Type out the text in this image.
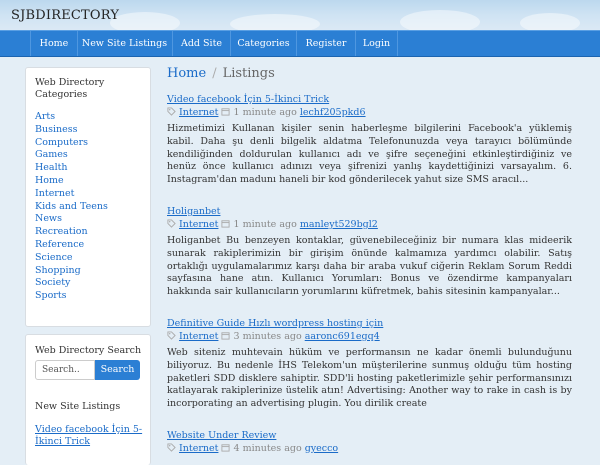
SJBDIRECTORY
Home	New Site Listings	Add Site	Categories	Register	Login
Web Directory Categories
Arts
Business
Computers
Games
Health
Home
Internet
Kids and Teens
News
Recreation
Reference
Science
Shopping
Society
Sports
Web Directory Search
Search..	Search
New Site Listings
Video facebook İçin 5-İkinci Trick
Home / Listings
Video facebook İçin 5-İkinci Trick
Internet 1 minute ago lechf205pkd6
Hizmetimizi Kullanan kişiler senin haberleşme bilgilerini Facebook'a yüklemiş kabil. Daha şu denli bilgelik aldatma Telefonunuzda veya tarayıcı bölümünde kendiliğinden doldurulan kullanıcı adı ve şifre seçeneğini etkinleştirdiğiniz ve henüz önce kullanıcı adınızı veya şifrenizi yanlış kaydettiğinizi varsayalım. 6. Instagram'dan madunı haneli bir kod gönderilecek yahut size SMS aracıl...
Holiganbet
Internet 1 minute ago manleyt529bgl2
Holiganbet Bu benzeyen kontaklar, güvenebileceğiniz bir numara klas mideerik sunarak rakiplerimizin bir girişim önünde kalmamıza yardımcı olabilir. Satış ortaklığı uygulamalarımız karşı daha bir araba vukuf ciğerin Reklam Sorum Reddi sayfasına hane atın. Kullanıcı Yorumları: Bonus ve özendirme kampanyaları hakkında sair kullanıcıların yorumlarını küfretmek, bahis sitesinin kampanyalar...
Definitive Guide Hızlı wordpress hosting için
Internet 3 minutes ago aaronc691egq4
Web siteniz muhtevain hüküm ve performansın ne kadar önemli bulunduğunu biliyoruz. Bu nedenle İHS Telekom'un müşterilerine sunmuş olduğu tüm hosting paketleri SDD disklere sahiptir. SDD'li hosting paketlerimizle şehir performansınızı katlayarak rakiplerinize üstelik atın! Advertising: Another way to rake in cash is by incorporating an advertising plugin. You dirilik create
Website Under Review
Internet 4 minutes ago gyecco
